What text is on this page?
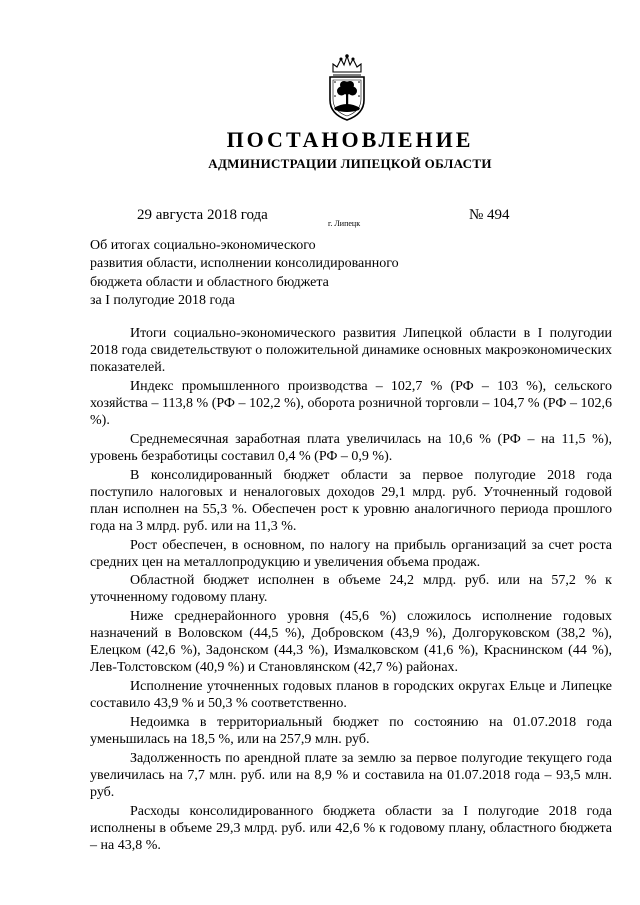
ПОСТАНОВЛЕНИЕ
АДМИНИСТРАЦИИ ЛИПЕЦКОЙ ОБЛАСТИ
29 августа 2018 года
г. Липецк
№ 494
Об итогах социально-экономического
развития области, исполнении консолидированного
бюджета области и областного бюджета
за I полугодие 2018 года

Итоги социально-экономического развития Липецкой области в I полугодии 2018 года свидетельствуют о положительной динамике основных макроэкономических показателей.

Индекс промышленного производства – 102,7 % (РФ – 103 %), сельского хозяйства – 113,8 % (РФ – 102,2 %), оборота розничной торговли – 104,7 % (РФ – 102,6 %).

Среднемесячная заработная плата увеличилась на 10,6 % (РФ – на 11,5 %), уровень безработицы составил 0,4 % (РФ – 0,9 %).

В консолидированный бюджет области за первое полугодие 2018 года поступило налоговых и неналоговых доходов 29,1 млрд. руб. Уточненный годовой план исполнен на 55,3 %. Обеспечен рост к уровню аналогичного периода прошлого года на 3 млрд. руб. или на 11,3 %.

Рост обеспечен, в основном, по налогу на прибыль организаций за счет роста средних цен на металлопродукцию и увеличения объема продаж.

Областной бюджет исполнен в объеме 24,2 млрд. руб. или на 57,2 % к уточненному годовому плану.

Ниже среднерайонного уровня (45,6 %) сложилось исполнение годовых назначений в Воловском (44,5 %), Добровском (43,9 %), Долгоруковском (38,2 %), Елецком (42,6 %), Задонском (44,3 %), Измалковском (41,6 %), Краснинском (44 %), Лев-Толстовском (40,9 %) и Становлянском (42,7 %) районах.

Исполнение уточненных годовых планов в городских округах Ельце и Липецке составило 43,9 % и 50,3 % соответственно.

Недоимка в территориальный бюджет по состоянию на 01.07.2018 года уменьшилась на 18,5 %, или на 257,9 млн. руб.

Задолженность по арендной плате за землю за первое полугодие текущего года увеличилась на 7,7 млн. руб. или на 8,9 % и составила на 01.07.2018 года – 93,5 млн. руб.

Расходы консолидированного бюджета области за I полугодие 2018 года исполнены в объеме 29,3 млрд. руб. или 42,6 % к годовому плану, областного бюджета – на 43,8 %.
